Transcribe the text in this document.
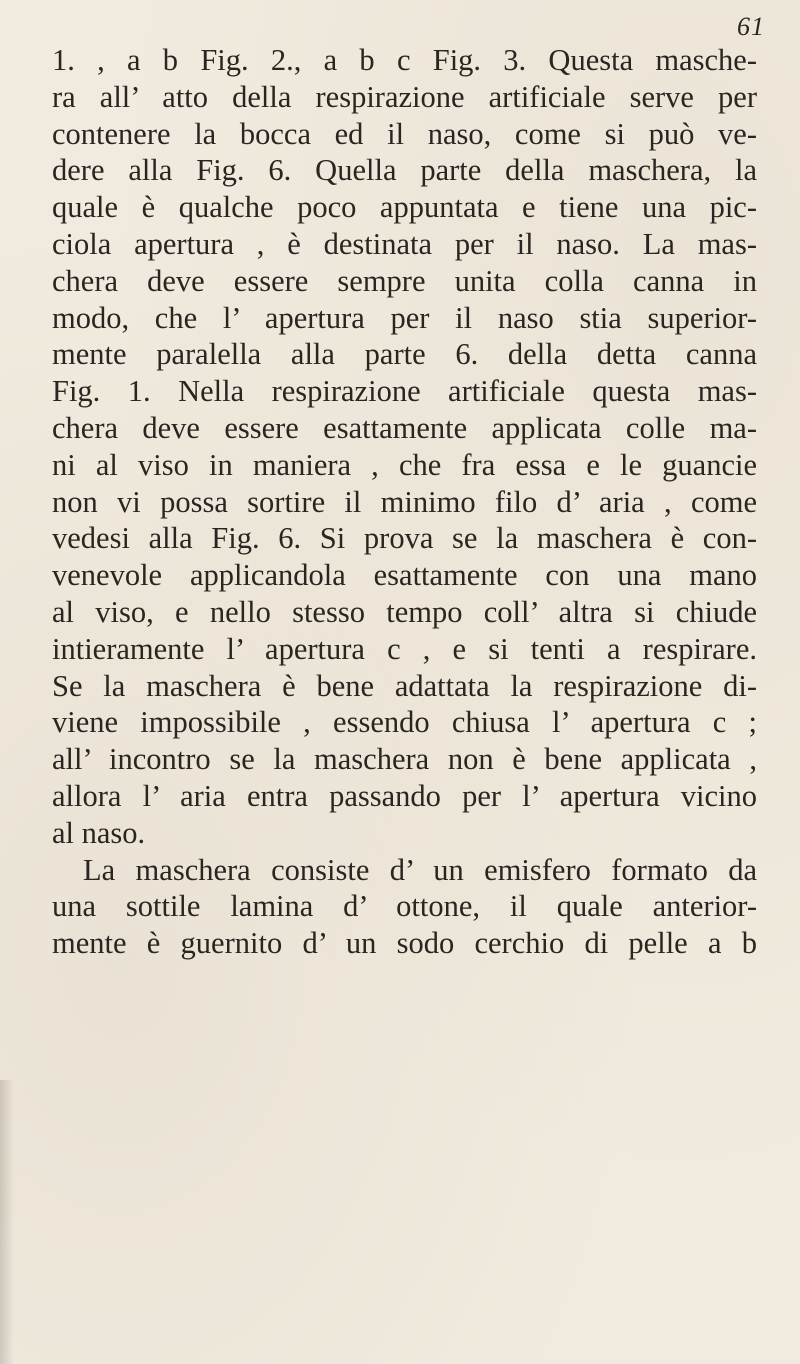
61
1. , a b Fig. 2., a b c Fig. 3. Questa masche-
ra all’ atto della respirazione artificiale serve per
contenere la bocca ed il naso, come si può ve-
dere alla Fig. 6. Quella parte della maschera, la
quale è qualche poco appuntata e tiene una pic-
ciola apertura , è destinata per il naso. La mas-
chera deve essere sempre unita colla canna in
modo, che l’ apertura per il naso stia superior-
mente paralella alla parte 6. della detta canna
Fig. 1. Nella respirazione artificiale questa mas-
chera deve essere esattamente applicata colle ma-
ni al viso in maniera , che fra essa e le guancie
non vi possa sortire il minimo filo d’ aria , come
vedesi alla Fig. 6. Si prova se la maschera è con-
venevole applicandola esattamente con una mano
al viso, e nello stesso tempo coll’ altra si chiude
intieramente l’ apertura c , e si tenti a respirare.
Se la maschera è bene adattata la respirazione di-
viene impossibile , essendo chiusa l’ apertura c ;
all’ incontro se la maschera non è bene applicata ,
allora l’ aria entra passando per l’ apertura vicino
al naso.
La maschera consiste d’ un emisfero formato da
una sottile lamina d’ ottone, il quale anterior-
mente è guernito d’ un sodo cerchio di pelle a b
